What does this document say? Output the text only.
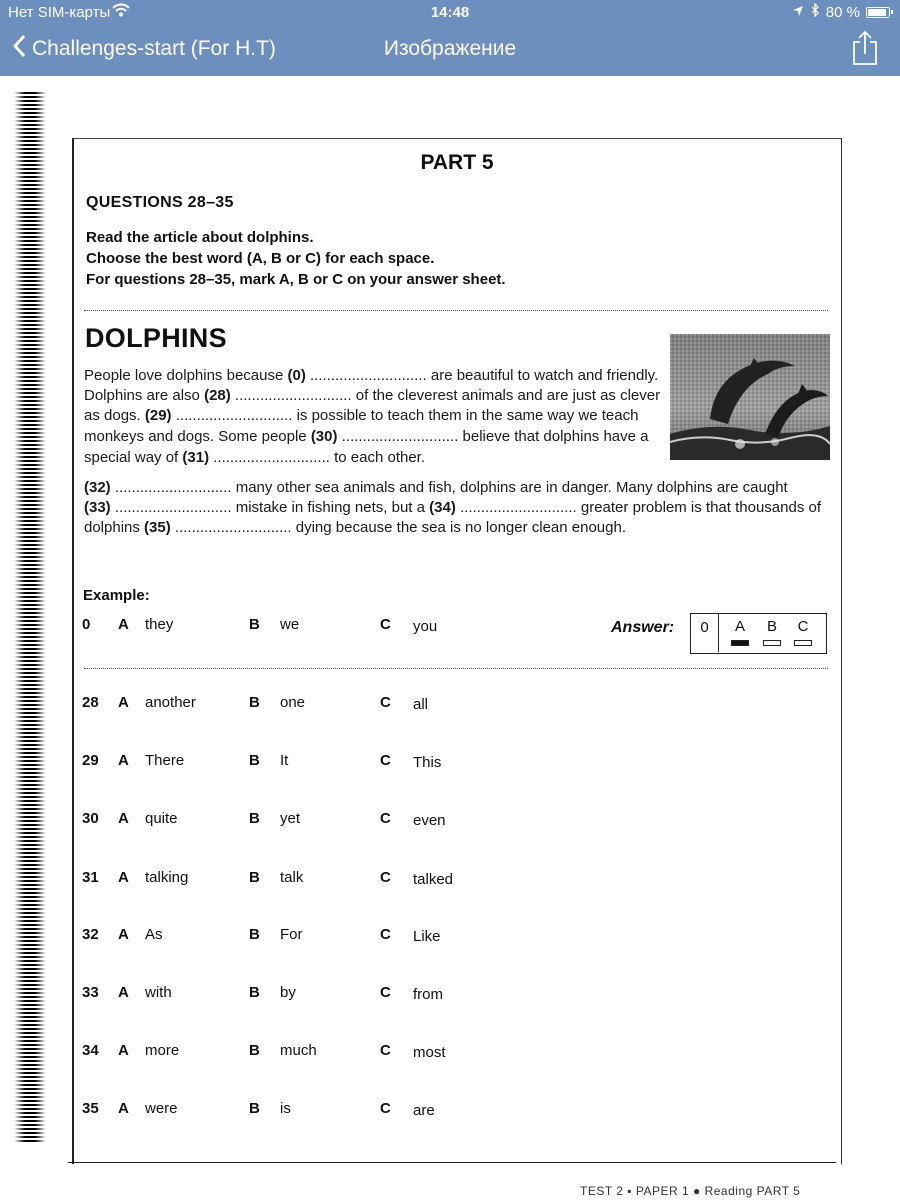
Нет SIM-карты	14:48	80 %
Challenges-start (For H.T)	Изображение
PART 5
QUESTIONS 28–35
Read the article about dolphins.
Choose the best word (A, B or C) for each space.
For questions 28–35, mark A, B or C on your answer sheet.
DOLPHINS
People love dolphins because (0) ............................ are beautiful to watch and friendly.
Dolphins are also (28) ............................ of the cleverest animals and are just as clever
as dogs. (29) ............................ is possible to teach them in the same way we teach
monkeys and dogs. Some people (30) ............................ believe that dolphins have a
special way of (31) ............................ to each other.
(32) ............................ many other sea animals and fish, dolphins are in danger. Many dolphins are caught
(33) ............................ mistake in fishing nets, but a (34) ............................ greater problem is that thousands of
dolphins (35) ............................ dying because the sea is no longer clean enough.
Example:
0 A they	B we	C you	Answer:	0	A	B	C
28 A another	B one	C all
29 A There	B It	C This
30 A quite	B yet	C even
31 A talking	B talk	C talked
32 A As	B For	C Like
33 A with	B by	C from
34 A more	B much	C most
35 A were	B is	C are
TEST 2 ▪ PAPER 1 ● Reading PART 5
